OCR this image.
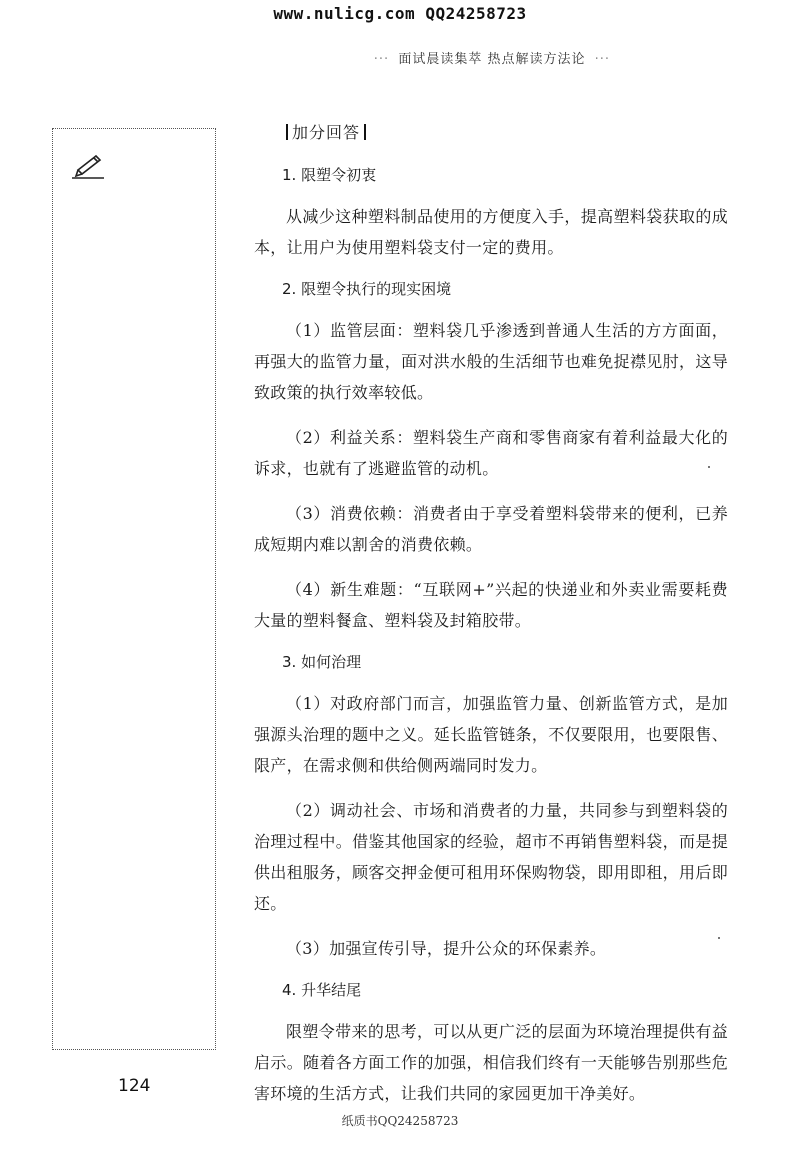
www.nulicg.com QQ24258723
··· 面试晨读集萃 热点解读方法论 ···
加分回答
1. 限塑令初衷
从减少这种塑料制品使用的方便度入手，提高塑料袋获取的成本，让用户为使用塑料袋支付一定的费用。
2. 限塑令执行的现实困境
（1）监管层面：塑料袋几乎渗透到普通人生活的方方面面，再强大的监管力量，面对洪水般的生活细节也难免捉襟见肘，这导致政策的执行效率较低。
（2）利益关系：塑料袋生产商和零售商家有着利益最大化的诉求，也就有了逃避监管的动机。
（3）消费依赖：消费者由于享受着塑料袋带来的便利，已养成短期内难以割舍的消费依赖。
（4）新生难题：“互联网+”兴起的快递业和外卖业需要耗费大量的塑料餐盒、塑料袋及封箱胶带。
3. 如何治理
（1）对政府部门而言，加强监管力量、创新监管方式，是加强源头治理的题中之义。延长监管链条，不仅要限用，也要限售、限产，在需求侧和供给侧两端同时发力。
（2）调动社会、市场和消费者的力量，共同参与到塑料袋的治理过程中。借鉴其他国家的经验，超市不再销售塑料袋，而是提供出租服务，顾客交押金便可租用环保购物袋，即用即租，用后即还。
（3）加强宣传引导，提升公众的环保素养。
4. 升华结尾
限塑令带来的思考，可以从更广泛的层面为环境治理提供有益启示。随着各方面工作的加强，相信我们终有一天能够告别那些危害环境的生活方式，让我们共同的家园更加干净美好。
124
纸质书QQ24258723
